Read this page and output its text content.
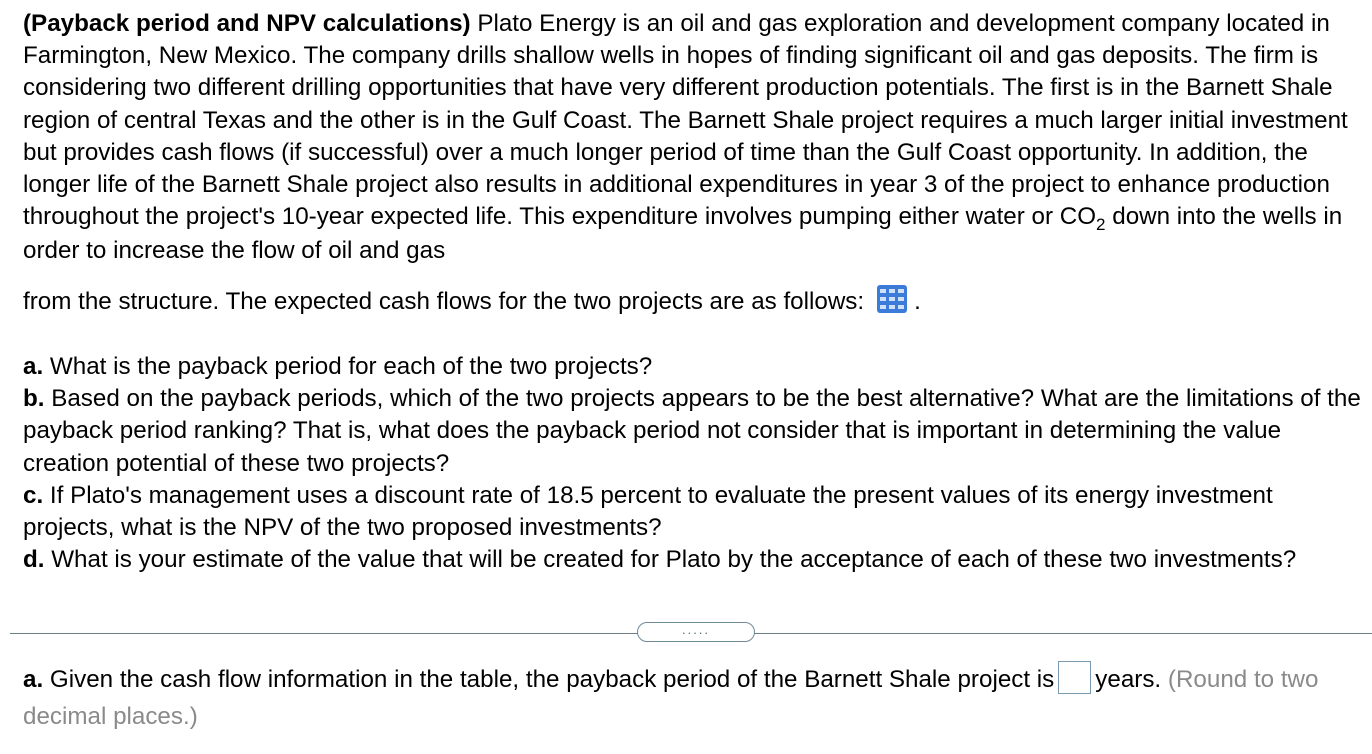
(Payback period and NPV calculations) Plato Energy is an oil and gas exploration and development company located in Farmington, New Mexico. The company drills shallow wells in hopes of finding significant oil and gas deposits. The firm is considering two different drilling opportunities that have very different production potentials. The first is in the Barnett Shale region of central Texas and the other is in the Gulf Coast. The Barnett Shale project requires a much larger initial investment but provides cash flows (if successful) over a much longer period of time than the Gulf Coast opportunity. In addition, the longer life of the Barnett Shale project also results in additional expenditures in year 3 of the project to enhance production throughout the project's 10-year expected life. This expenditure involves pumping either water or $CO_2$ down into the wells in order to increase the flow of oil and gas
from the structure. The expected cash flows for the two projects are as follows: .
a. What is the payback period for each of the two projects?
b. Based on the payback periods, which of the two projects appears to be the best alternative? What are the limitations of the payback period ranking? That is, what does the payback period not consider that is important in determining the value creation potential of these two projects?
c. If Plato's management uses a discount rate of 18.5 percent to evaluate the present values of its energy investment projects, what is the NPV of the two proposed investments?
d. What is your estimate of the value that will be created for Plato by the acceptance of each of these two investments?
.....
a. Given the cash flow information in the table, the payback period of the Barnett Shale project is years. (Round to two decimal places.)
